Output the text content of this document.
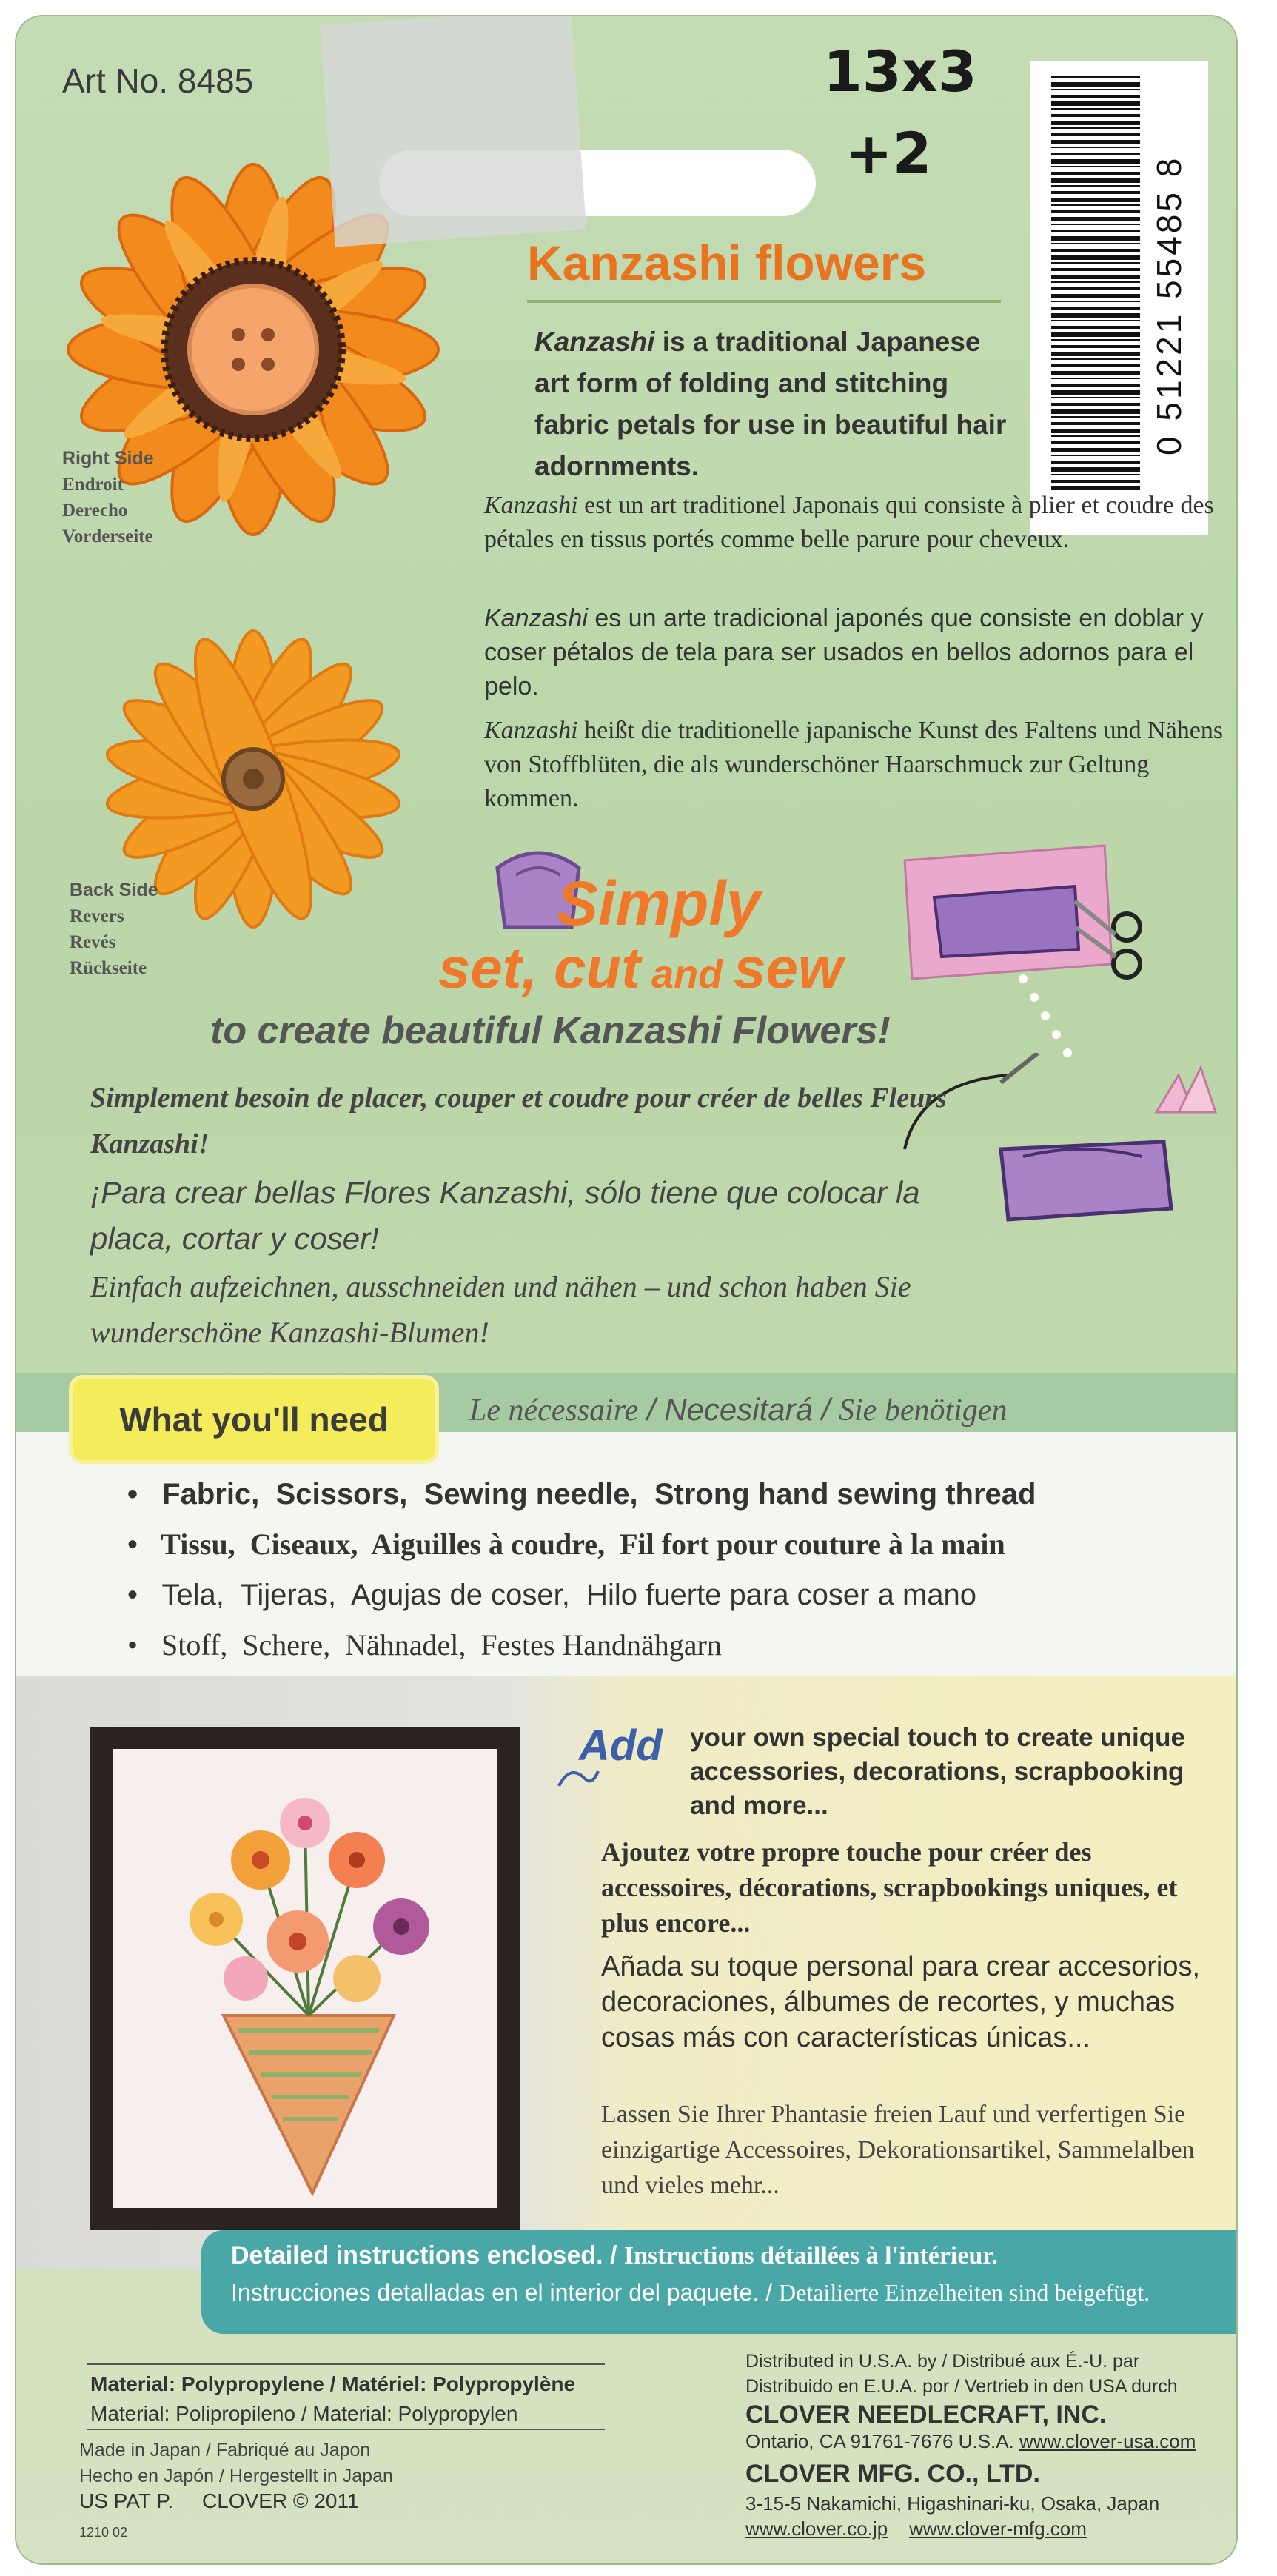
Art No. 8485	13x3
+2
0 51221 55485 8
Right Side
Endroit
Derecho
Vorderseite
Back Side
Revers
Revés
Rückseite
Kanzashi flowers
Kanzashi is a traditional Japanese art form of folding and stitching fabric petals for use in beautiful hair adornments.
Kanzashi est un art traditionel Japonais qui consiste à plier et coudre des pétales en tissus portés comme belle parure pour cheveux.
Kanzashi es un arte tradicional japonés que consiste en doblar y coser pétalos de tela para ser usados en bellos adornos para el pelo.
Kanzashi heißt die traditionelle japanische Kunst des Faltens und Nähens von Stoffblüten, die als wunderschöner Haarschmuck zur Geltung kommen.
Simply
set, cut and sew
to create beautiful Kanzashi Flowers!
Simplement besoin de placer, couper et coudre pour créer de belles Fleurs Kanzashi!
¡Para crear bellas Flores Kanzashi, sólo tiene que colocar la placa, cortar y coser!
Einfach aufzeichnen, ausschneiden und nähen – und schon haben Sie wunderschöne Kanzashi-Blumen!
What you'll need	Le nécessaire / Necesitará / Sie benötigen
• Fabric, Scissors, Sewing needle, Strong hand sewing thread
• Tissu, Ciseaux, Aiguilles à coudre, Fil fort pour couture à la main
• Tela, Tijeras, Agujas de coser, Hilo fuerte para coser a mano
• Stoff, Schere, Nähnadel, Festes Handnähgarn
Add your own special touch to create unique accessories, decorations, scrapbooking and more...
Ajoutez votre propre touche pour créer des accessoires, décorations, scrapbookings uniques, et plus encore...
Añada su toque personal para crear accesorios, decoraciones, álbumes de recortes, y muchas cosas más con características únicas...
Lassen Sie Ihrer Phantasie freien Lauf und verfertigen Sie einzigartige Accessoires, Dekorationsartikel, Sammelalben und vieles mehr...
Detailed instructions enclosed. / Instructions détaillées à l'intérieur.
Instrucciones detalladas en el interior del paquete. / Detailierte Einzelheiten sind beigefügt.
Material: Polypropylene / Matériel: Polypropylène
Material: Polipropileno / Material: Polypropylen
Made in Japan / Fabriqué au Japon
Hecho en Japón / Hergestellt in Japan
US PAT P. CLOVER © 2011
1210 02
Distributed in U.S.A. by / Distribué aux É.-U. par
Distribuido en E.U.A. por / Vertrieb in den USA durch
CLOVER NEEDLECRAFT, INC.
Ontario, CA 91761-7676 U.S.A. www.clover-usa.com
CLOVER MFG. CO., LTD.
3-15-5 Nakamichi, Higashinari-ku, Osaka, Japan
www.clover.co.jp www.clover-mfg.com
